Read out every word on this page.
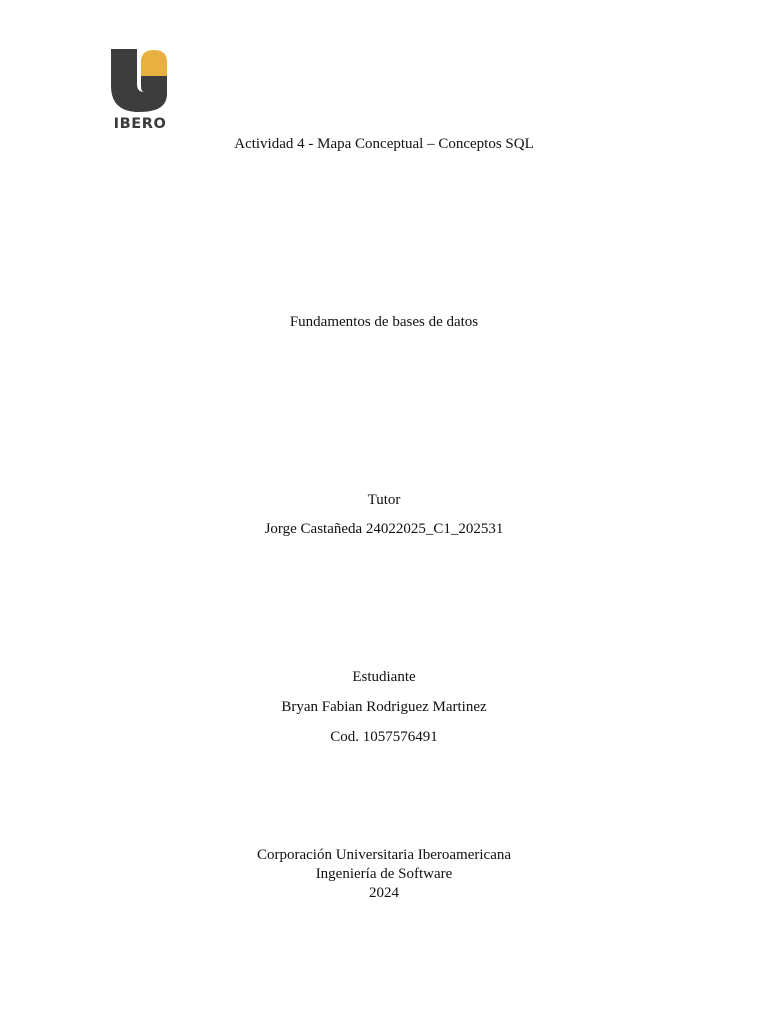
IBERO
Actividad 4 - Mapa Conceptual – Conceptos SQL
Fundamentos de bases de datos
Tutor
Jorge Castañeda 24022025_C1_202531
Estudiante
Bryan Fabian Rodriguez Martinez
Cod. 1057576491
Corporación Universitaria Iberoamericana
Ingeniería de Software
2024
